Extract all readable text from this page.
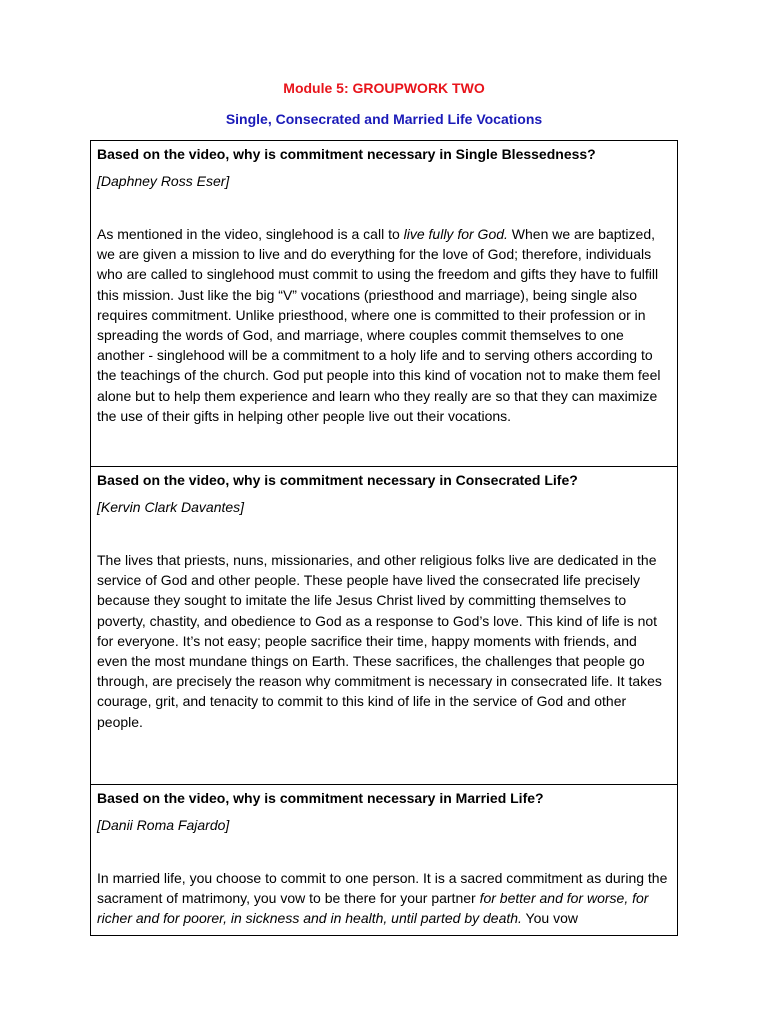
Module 5: GROUPWORK TWO
Single, Consecrated and Married Life Vocations

Based on the video, why is commitment necessary in Single Blessedness?

[Daphney Ross Eser]

As mentioned in the video, singlehood is a call to live fully for God. When we are baptized, we are given a mission to live and do everything for the love of God; therefore, individuals who are called to singlehood must commit to using the freedom and gifts they have to fulfill this mission. Just like the big “V” vocations (priesthood and marriage), being single also requires commitment. Unlike priesthood, where one is committed to their profession or in spreading the words of God, and marriage, where couples commit themselves to one another - singlehood will be a commitment to a holy life and to serving others according to the teachings of the church. God put people into this kind of vocation not to make them feel alone but to help them experience and learn who they really are so that they can maximize the use of their gifts in helping other people live out their vocations.

Based on the video, why is commitment necessary in Consecrated Life?

[Kervin Clark Davantes]

The lives that priests, nuns, missionaries, and other religious folks live are dedicated in the service of God and other people. These people have lived the consecrated life precisely because they sought to imitate the life Jesus Christ lived by committing themselves to poverty, chastity, and obedience to God as a response to God’s love. This kind of life is not for everyone. It’s not easy; people sacrifice their time, happy moments with friends, and even the most mundane things on Earth. These sacrifices, the challenges that people go through, are precisely the reason why commitment is necessary in consecrated life. It takes courage, grit, and tenacity to commit to this kind of life in the service of God and other people.

Based on the video, why is commitment necessary in Married Life?

[Danii Roma Fajardo]

In married life, you choose to commit to one person. It is a sacred commitment as during the sacrament of matrimony, you vow to be there for your partner for better and for worse, for richer and for poorer, in sickness and in health, until parted by death. You vow
